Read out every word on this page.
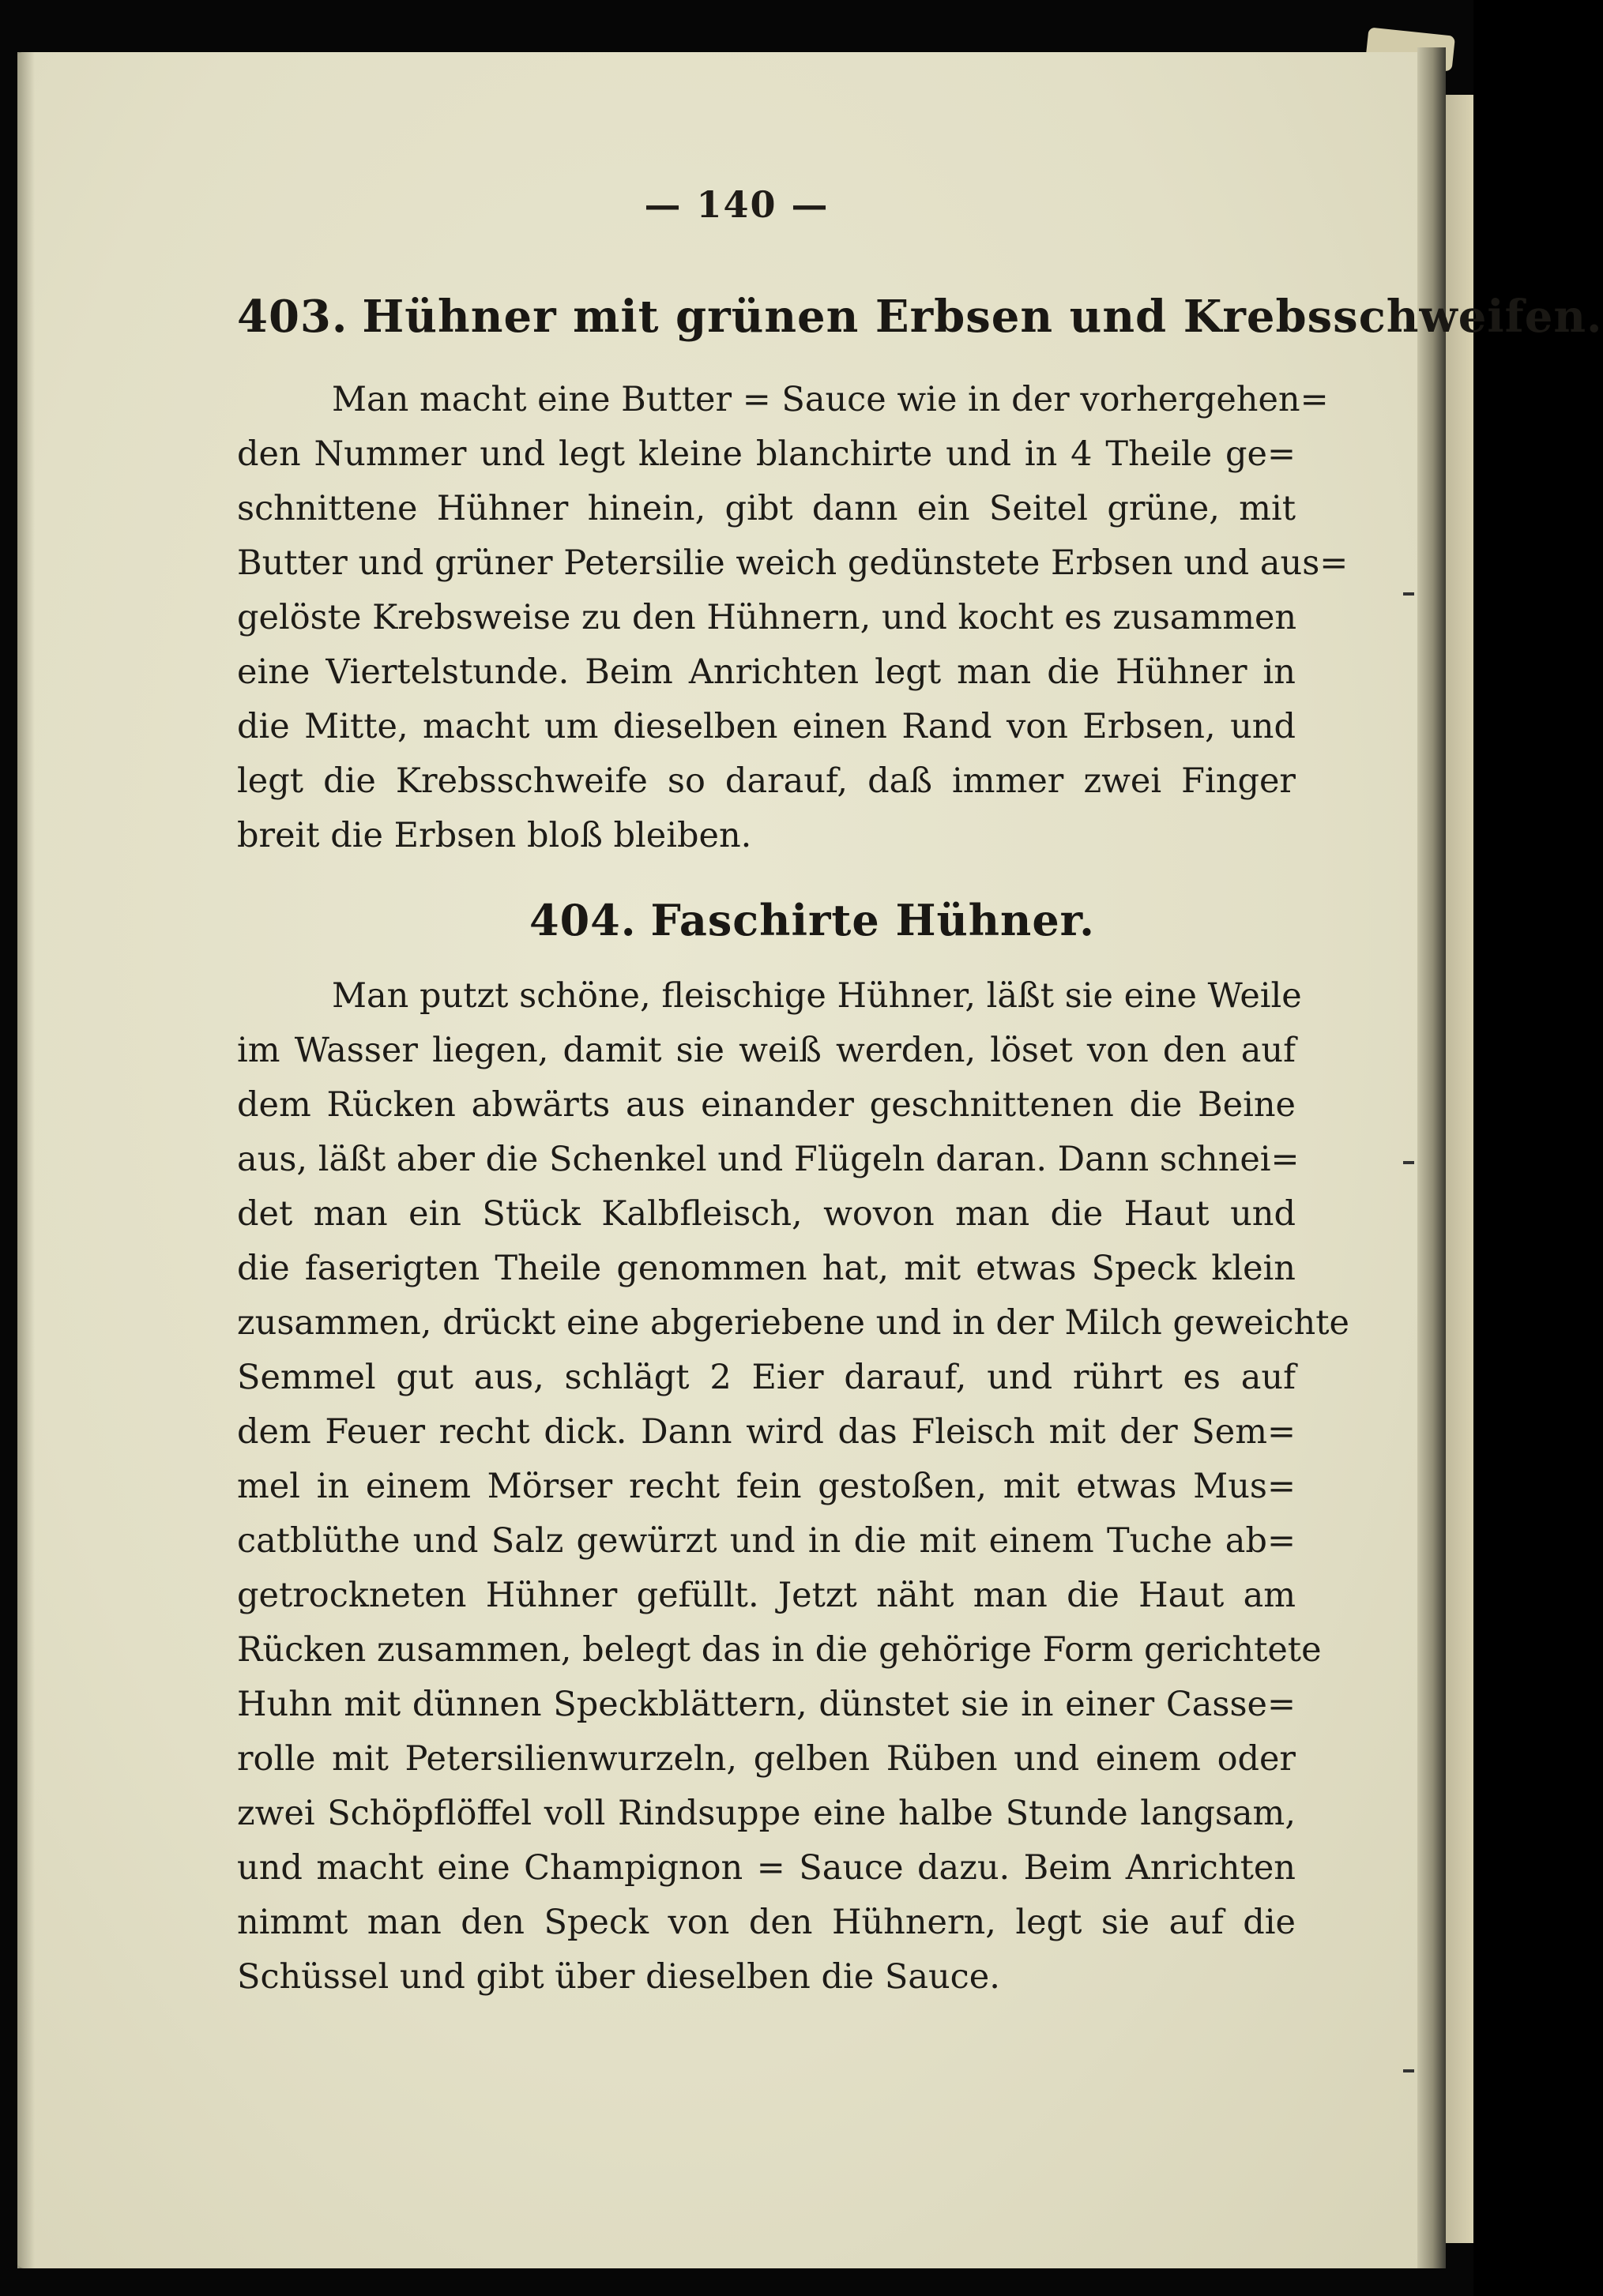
— 140 —
403. Hühner mit grünen Erbsen und Krebsschweifen.
Man macht eine Butter = Sauce wie in der vorhergehen=
den Nummer und legt kleine blanchirte und in 4 Theile ge=
schnittene Hühner hinein, gibt dann ein Seitel grüne, mit
Butter und grüner Petersilie weich gedünstete Erbsen und aus=
gelöste Krebsweise zu den Hühnern, und kocht es zusammen
eine Viertelstunde. Beim Anrichten legt man die Hühner in
die Mitte, macht um dieselben einen Rand von Erbsen, und
legt die Krebsschweife so darauf, daß immer zwei Finger
breit die Erbsen bloß bleiben.
404. Faschirte Hühner.
Man putzt schöne, fleischige Hühner, läßt sie eine Weile
im Wasser liegen, damit sie weiß werden, löset von den auf
dem Rücken abwärts aus einander geschnittenen die Beine
aus, läßt aber die Schenkel und Flügeln daran. Dann schnei=
det man ein Stück Kalbfleisch, wovon man die Haut und
die faserigten Theile genommen hat, mit etwas Speck klein
zusammen, drückt eine abgeriebene und in der Milch geweichte
Semmel gut aus, schlägt 2 Eier darauf, und rührt es auf
dem Feuer recht dick. Dann wird das Fleisch mit der Sem=
mel in einem Mörser recht fein gestoßen, mit etwas Mus=
catblüthe und Salz gewürzt und in die mit einem Tuche ab=
getrockneten Hühner gefüllt. Jetzt näht man die Haut am
Rücken zusammen, belegt das in die gehörige Form gerichtete
Huhn mit dünnen Speckblättern, dünstet sie in einer Casse=
rolle mit Petersilienwurzeln, gelben Rüben und einem oder
zwei Schöpflöffel voll Rindsuppe eine halbe Stunde langsam,
und macht eine Champignon = Sauce dazu. Beim Anrichten
nimmt man den Speck von den Hühnern, legt sie auf die
Schüssel und gibt über dieselben die Sauce.
